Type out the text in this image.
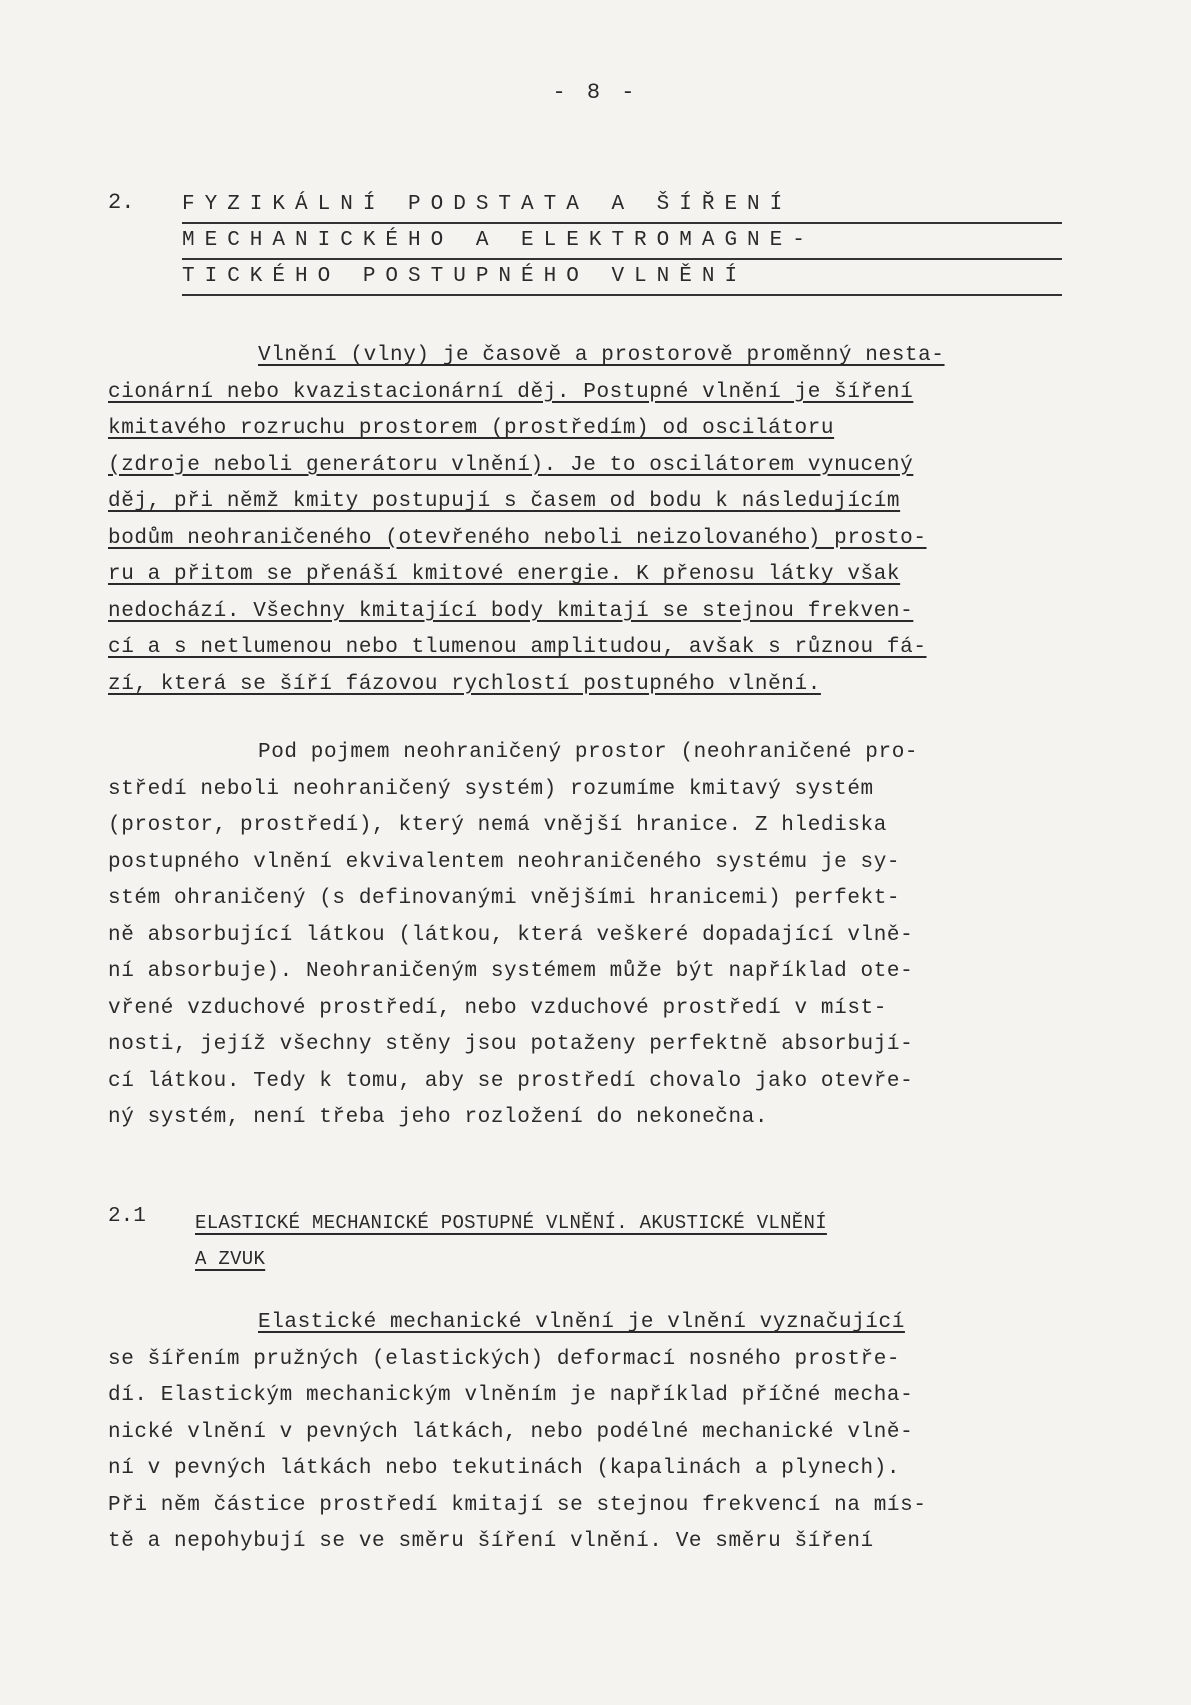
- 8 -
2. FYZIKÁLNÍ PODSTATA A ŠÍŘENÍ
MECHANICKÉHO A ELEKTROMAGNE-
TICKÉHO POSTUPNÉHO VLNĚNÍ

Vlnění (vlny) je časově a prostorově proměnný nesta-
cionární nebo kvazistacionární děj. Postupné vlnění je šíření
kmitavého rozruchu prostorem (prostředím) od oscilátoru
(zdroje neboli generátoru vlnění). Je to oscilátorem vynucený
děj, při němž kmity postupují s časem od bodu k následujícím
bodům neohraničeného (otevřeného neboli neizolovaného) prosto-
ru a přitom se přenáší kmitové energie. K přenosu látky však
nedochází. Všechny kmitající body kmitají se stejnou frekven-
cí a s netlumenou nebo tlumenou amplitudou, avšak s různou fá-
zí, která se šíří fázovou rychlostí postupného vlnění.

Pod pojmem neohraničený prostor (neohraničené pro-
středí neboli neohraničený systém) rozumíme kmitavý systém
(prostor, prostředí), který nemá vnější hranice. Z hlediska
postupného vlnění ekvivalentem neohraničeného systému je sy-
stém ohraničený (s definovanými vnějšími hranicemi) perfekt-
ně absorbující látkou (látkou, která veškeré dopadající vlně-
ní absorbuje). Neohraničeným systémem může být například ote-
vřené vzduchové prostředí, nebo vzduchové prostředí v míst-
nosti, jejíž všechny stěny jsou potaženy perfektně absorbují-
cí látkou. Tedy k tomu, aby se prostředí chovalo jako otevře-
ný systém, není třeba jeho rozložení do nekonečna.

2.1	ELASTICKÉ MECHANICKÉ POSTUPNÉ VLNĚNÍ. AKUSTICKÉ VLNĚNÍ
A ZVUK

Elastické mechanické vlnění je vlnění vyznačující
se šířením pružných (elastických) deformací nosného prostře-
dí. Elastickým mechanickým vlněním je například příčné mecha-
nické vlnění v pevných látkách, nebo podélné mechanické vlně-
ní v pevných látkách nebo tekutinách (kapalinách a plynech).
Při něm částice prostředí kmitají se stejnou frekvencí na mís-
tě a nepohybují se ve směru šíření vlnění. Ve směru šíření
